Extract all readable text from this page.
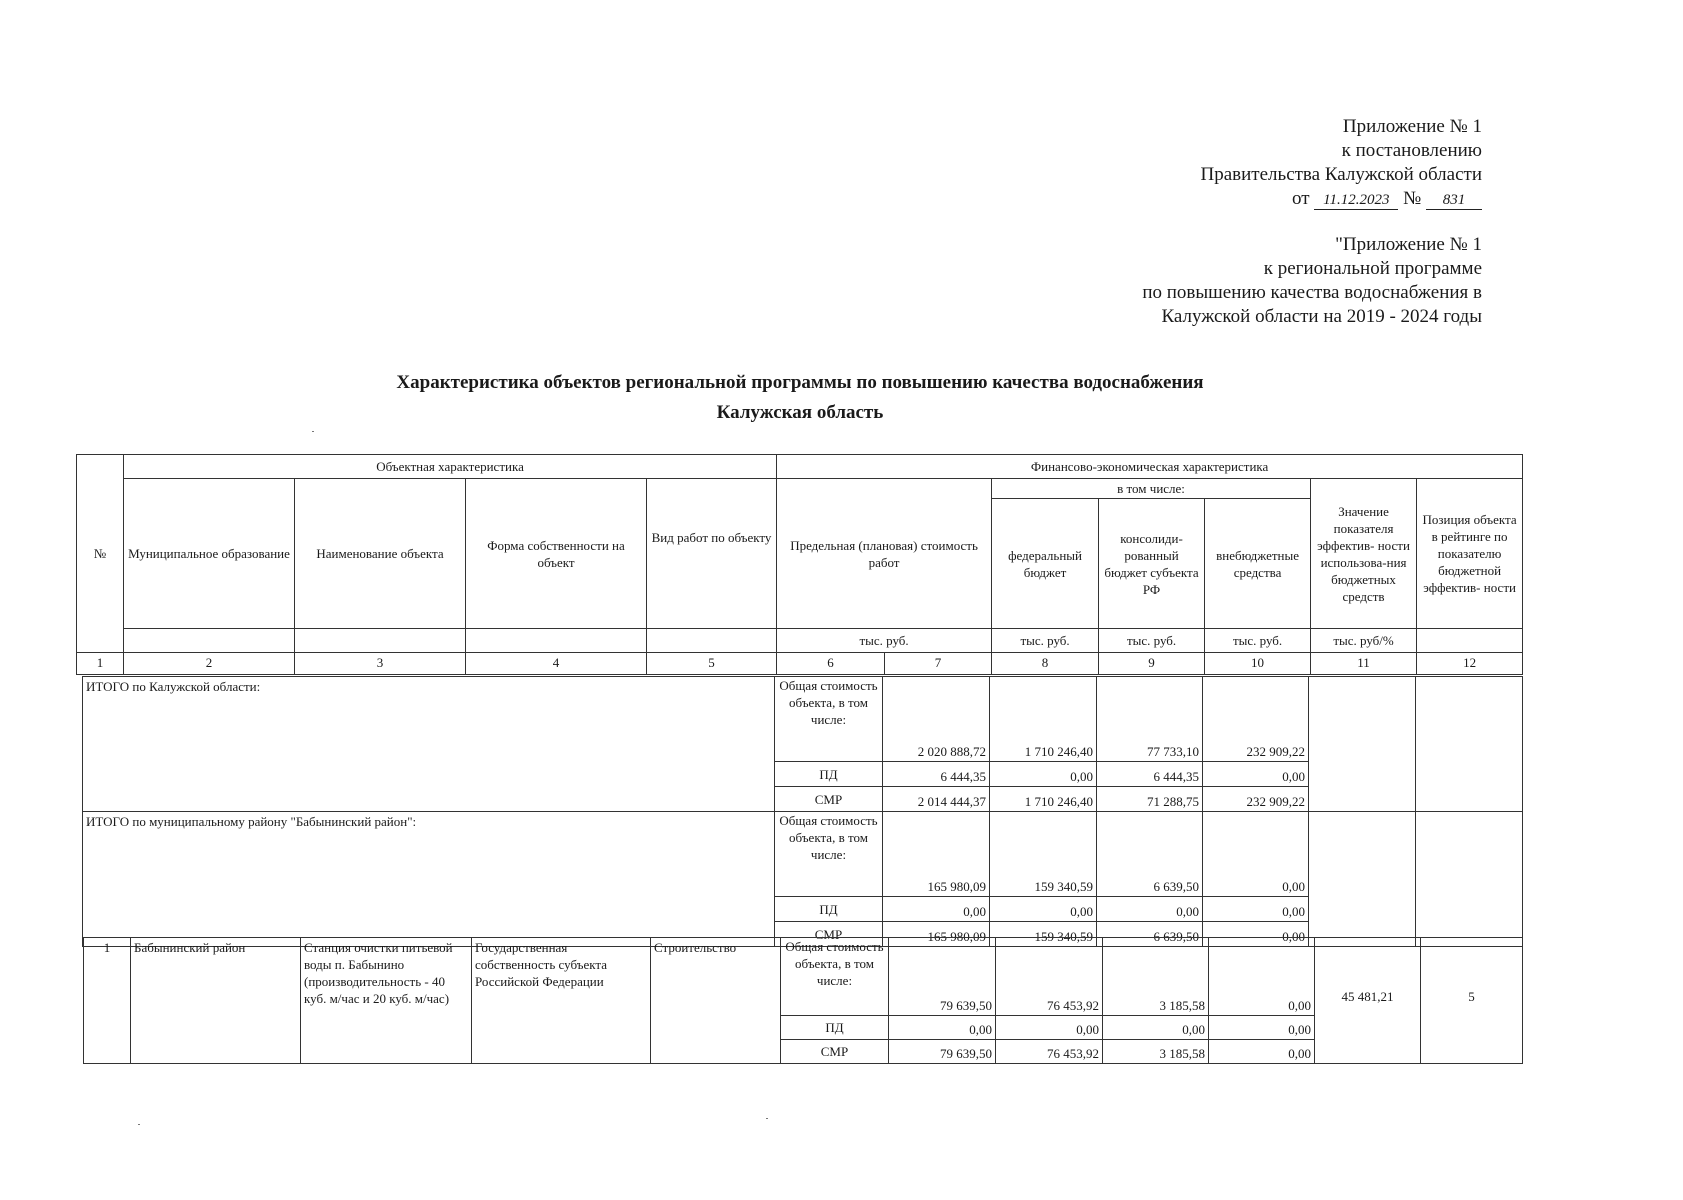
Приложение № 1
к постановлению
Правительства Калужской области
от 11.12.2023 № 831
"Приложение № 1
к региональной программе
по повышению качества водоснабжения в
Калужской области на 2019 - 2024 годы
Характеристика объектов региональной программы по повышению качества водоснабжения
Калужская область
№	Объектная характеристика				Финансово-экономическая характеристика						
	Муниципальное образование	Наименование объекта	Форма собственности на объект	Вид работ по объекту	Предельная (плановая) стоимость работ		в том числе:			Значение показателя эффектив- ности использова-ния бюджетных средств	Позиция объекта в рейтинге по показателю бюджетной эффектив- ности
							федеральный бюджет	консолиди- рованный бюджет субъекта РФ	внебюджетные средства		
					тыс. руб.		тыс. руб.	тыс. руб.	тыс. руб.	тыс. руб/%	
1	2	3	4	5	6	7	8	9	10	11	12
ИТОГО по Калужской области:	Общая стоимость объекта, в том числе:	2 020 888,72	1 710 246,40	77 733,10	232 909,22		
	ПД	6 444,35	0,00	6 444,35	0,00		
	СМР	2 014 444,37	1 710 246,40	71 288,75	232 909,22		
ИТОГО по муниципальному району "Бабынинский район":	Общая стоимость объекта, в том числе:	165 980,09	159 340,59	6 639,50	0,00		
	ПД	0,00	0,00	0,00	0,00		
	СМР	165 980,09	159 340,59	6 639,50	0,00		
1	Бабынинский район	Станция очистки питьевой воды п. Бабынино (производительность - 40 куб. м/час и 20 куб. м/час)	Государственная собственность субъекта Российской Федерации	Строительство	Общая стоимость объекта, в том числе:	79 639,50	76 453,92	3 185,58	0,00	45 481,21	5
					ПД	0,00	0,00	0,00	0,00		
					СМР	79 639,50	76 453,92	3 185,58	0,00		
